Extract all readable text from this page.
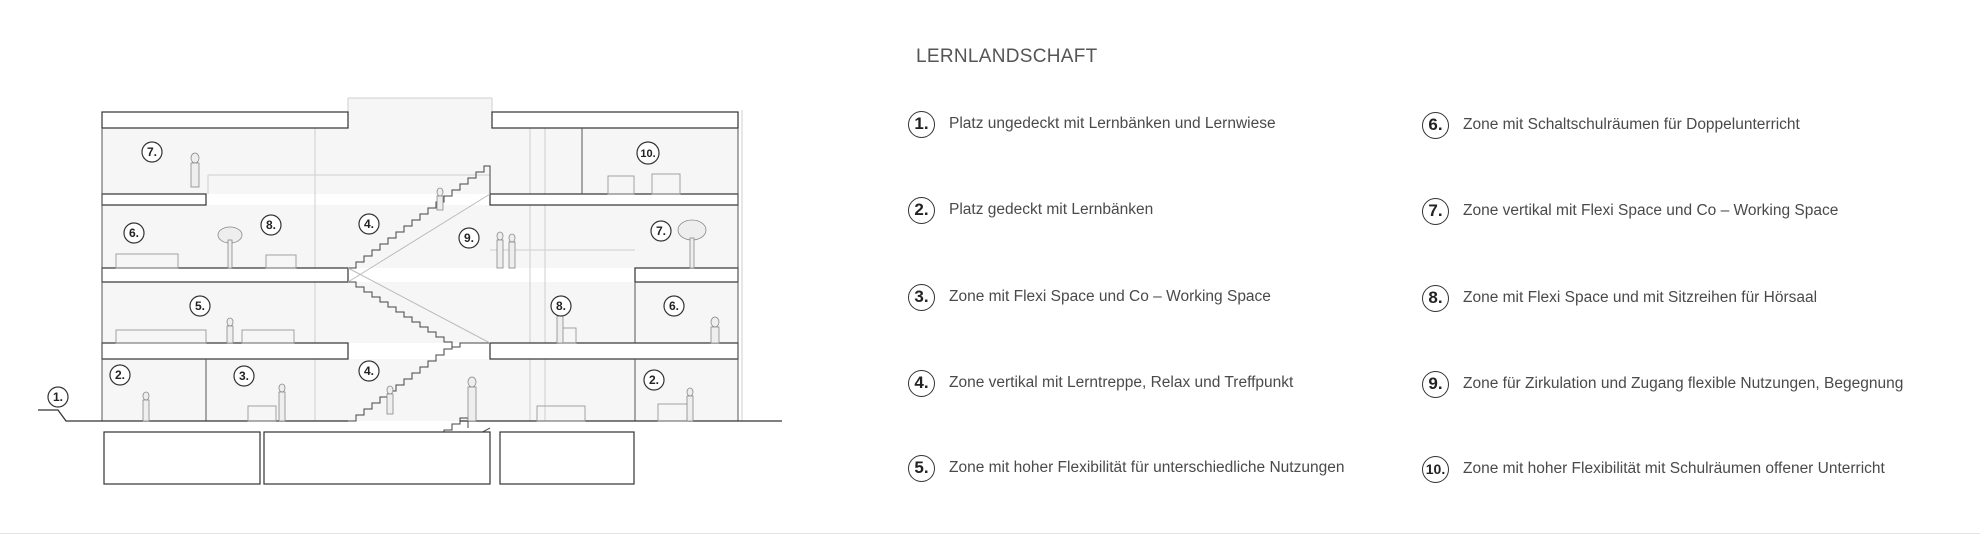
7.	10.
6.
8.	4.
9.	7.
5.	8.	6.
1.
2.	3.	4.
2.
LERNLANDSCHAFT
1.	Platz ungedeckt mit Lernbänken und Lernwiese
2.	Platz gedeckt mit Lernbänken
3.	Zone mit Flexi Space und Co – Working Space
4.	Zone vertikal mit Lerntreppe, Relax und Treffpunkt
5.	Zone mit hoher Flexibilität für unterschiedliche Nutzungen
6.	Zone mit Schaltschulräumen für Doppelunterricht
7.	Zone vertikal mit Flexi Space und Co – Working Space
8.	Zone mit Flexi Space und mit Sitzreihen für Hörsaal
9.	Zone für Zirkulation und Zugang flexible Nutzungen, Begegnung
10. Zone mit hoher Flexibilität mit Schulräumen offener Unterricht
